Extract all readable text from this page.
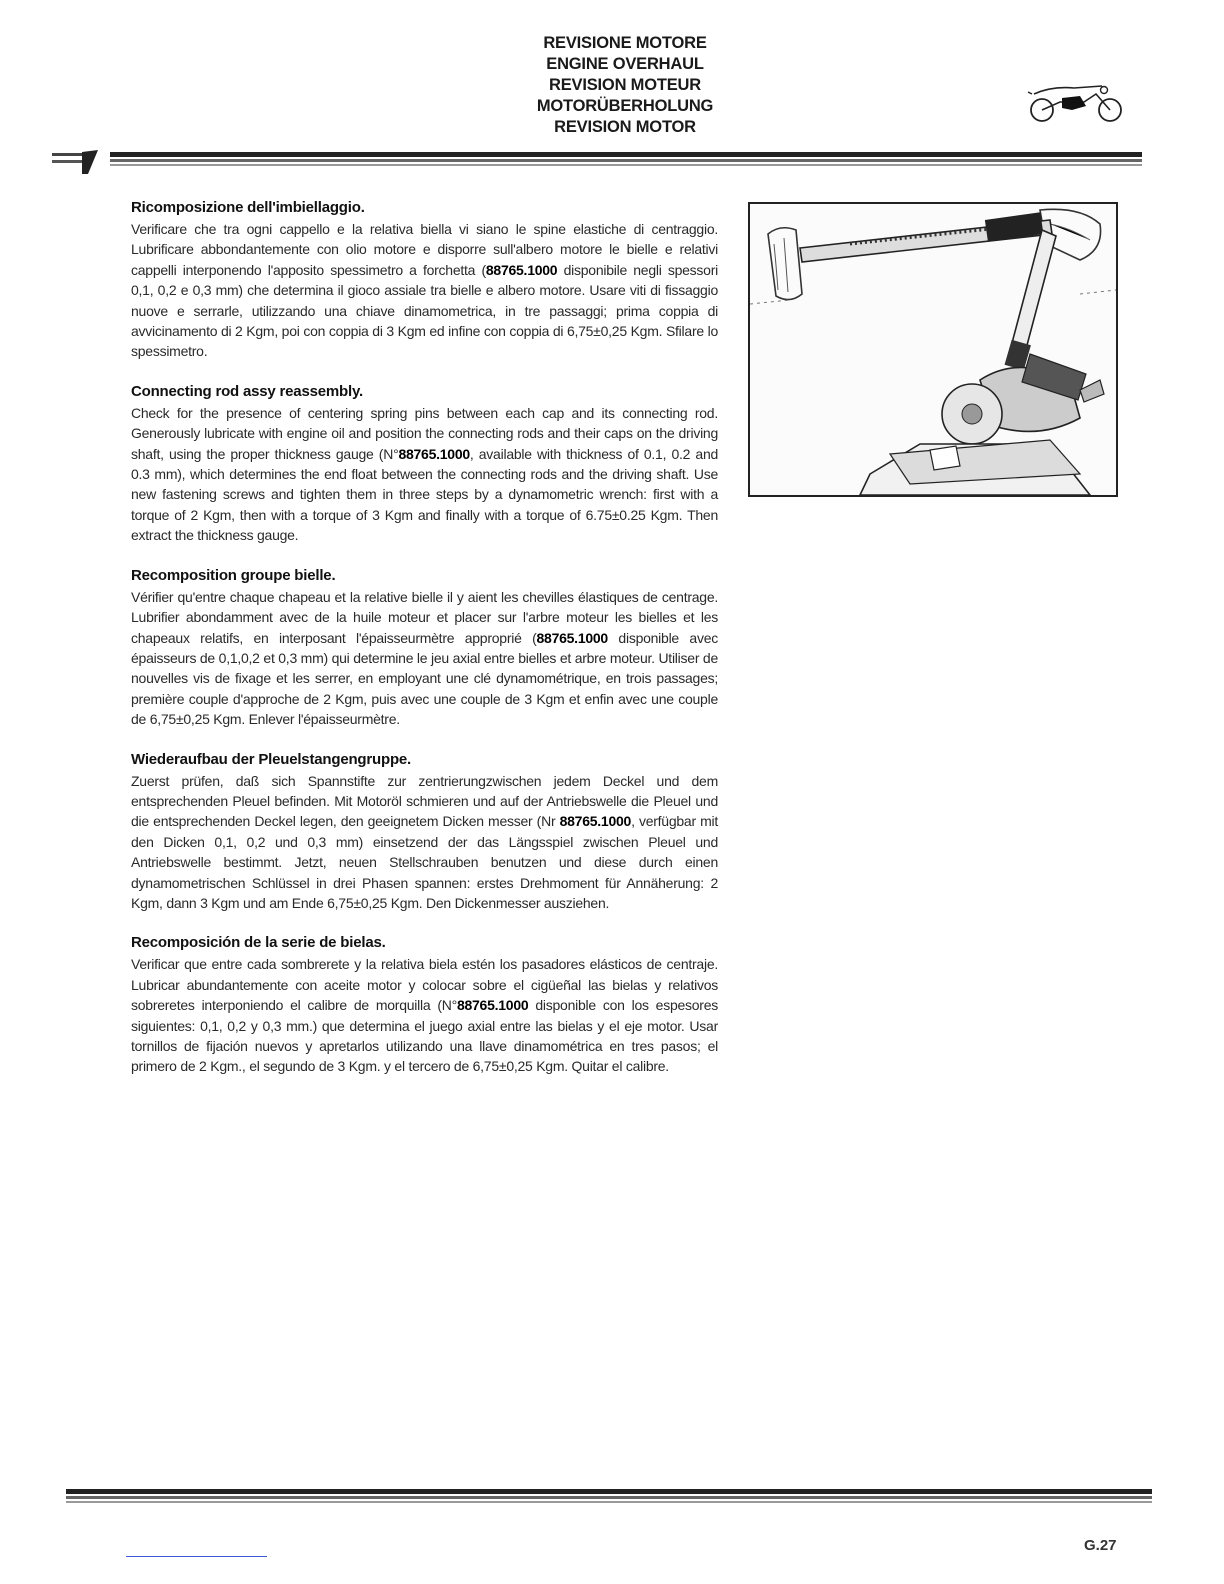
REVISIONE MOTORE
ENGINE OVERHAUL
REVISION MOTEUR
MOTORÜBERHOLUNG
REVISION MOTOR
Ricomposizione dell'imbiellaggio.
Verificare che tra ogni cappello e la relativa biella vi siano le spine elastiche di centraggio. Lubrificare abbondantemente con olio motore e disporre sull'albero motore le bielle e relativi cappelli interponendo l'apposito spessimetro a forchetta (88765.1000 disponibile negli spessori 0,1, 0,2 e 0,3 mm) che determina il gioco assiale tra bielle e albero motore. Usare viti di fissaggio nuove e serrarle, utilizzando una chiave dinamometrica, in tre passaggi; prima coppia di avvicinamento di 2 Kgm, poi con coppia di 3 Kgm ed infine con coppia di 6,75±0,25 Kgm. Sfilare lo spessimetro.
Connecting rod assy reassembly.
Check for the presence of centering spring pins between each cap and its connecting rod. Generously lubricate with engine oil and position the connecting rods and their caps on the driving shaft, using the proper thickness gauge (N°88765.1000, available with thickness of 0.1, 0.2 and 0.3 mm), which determines the end float between the connecting rods and the driving shaft. Use new fastening screws and tighten them in three steps by a dynamometric wrench: first with a torque of 2 Kgm, then with a torque of 3 Kgm and finally with a torque of 6.75±0.25 Kgm. Then extract the thickness gauge.
Recomposition groupe bielle.
Vérifier qu'entre chaque chapeau et la relative bielle il y aient les chevilles élastiques de centrage. Lubrifier abondamment avec de la huile moteur et placer sur l'arbre moteur les bielles et les chapeaux relatifs, en interposant l'épaisseurmètre approprié (88765.1000 disponible avec épaisseurs de 0,1,0,2 et 0,3 mm) qui determine le jeu axial entre bielles et arbre moteur. Utiliser de nouvelles vis de fixage et les serrer, en employant une clé dynamométrique, en trois passages; première couple d'approche de 2 Kgm, puis avec une couple de 3 Kgm et enfin avec une couple de 6,75±0,25 Kgm. Enlever l'épaisseurmètre.
Wiederaufbau der Pleuelstangengruppe.
Zuerst prüfen, daß sich Spannstifte zur zentrierungzwischen jedem Deckel und dem entsprechenden Pleuel befinden. Mit Motoröl schmieren und auf der Antriebswelle die Pleuel und die entsprechenden Deckel legen, den geeignetem Dicken messer (Nr 88765.1000, verfügbar mit den Dicken 0,1, 0,2 und 0,3 mm) einsetzend der das Längsspiel zwischen Pleuel und Antriebswelle bestimmt. Jetzt, neuen Stellschrauben benutzen und diese durch einen dynamometrischen Schlüssel in drei Phasen spannen: erstes Drehmoment für Annäherung: 2 Kgm, dann 3 Kgm und am Ende 6,75±0,25 Kgm. Den Dickenmesser ausziehen.
Recomposición de la serie de bielas.
Verificar que entre cada sombrerete y la relativa biela estén los pasadores elásticos de centraje. Lubricar abundantemente con aceite motor y colocar sobre el cigüeñal las bielas y relativos sobreretes interponiendo el calibre de morquilla (N°88765.1000 disponible con los espesores siguientes: 0,1, 0,2 y 0,3 mm.) que determina el juego axial entre las bielas y el eje motor. Usar tornillos de fijación nuevos y apretarlos utilizando una llave dinamométrica en tres pasos; el primero de 2 Kgm., el segundo de 3 Kgm. y el tercero de 6,75±0,25 Kgm. Quitar el calibre.
G.27
